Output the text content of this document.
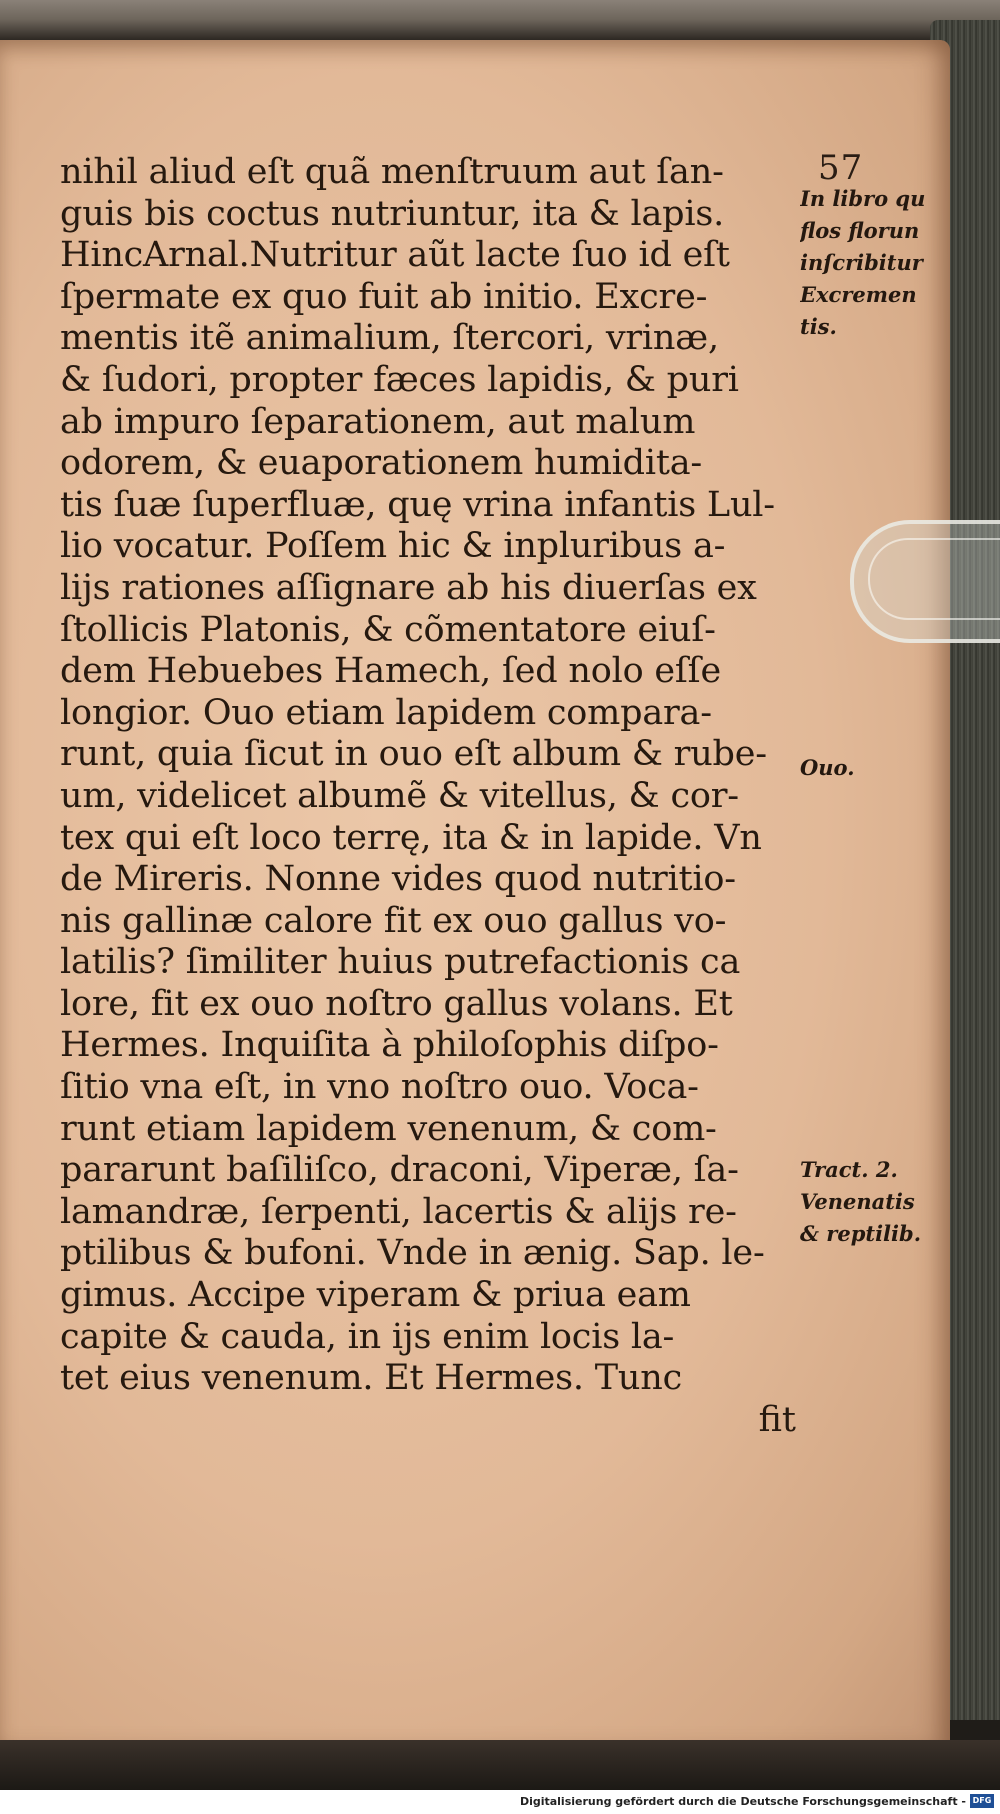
57
nihil aliud eſt quã menſtruum aut ſan-
guis bis coctus nutriuntur, ita & lapis.
HincArnal.Nutritur aũt lacte ſuo id eſt
ſpermate ex quo fuit ab initio. Excre-
mentis itẽ animalium, ſtercori, vrinæ,
& ſudori, propter fæces lapidis, & puri
ab impuro ſeparationem, aut malum
odorem, & euaporationem humidita-
tis ſuæ ſuperfluæ, quę vrina infantis Lul-
lio vocatur. Poſſem hic & inpluribus a-
lijs rationes aſſignare ab his diuerſas ex
ſtollicis Platonis, & cõmentatore eiuſ-
dem Hebuebes Hamech, ſed nolo eſſe
longior. Ouo etiam lapidem compara-
runt, quia ſicut in ouo eſt album & rube-
um, videlicet albumẽ & vitellus, & cor-
tex qui eſt loco terrę, ita & in lapide. Vn
de Mireris. Nonne vides quod nutritio-
nis gallinæ calore fit ex ouo gallus vo-
latilis? ſimiliter huius putrefactionis ca
lore, fit ex ouo noſtro gallus volans. Et
Hermes. Inquiſita à philoſophis diſpo-
ſitio vna eſt, in vno noſtro ouo. Voca-
runt etiam lapidem venenum, & com-
pararunt baſiliſco, draconi, Viperæ, ſa-
lamandræ, ſerpenti, lacertis & alijs re-
ptilibus & bufoni. Vnde in ænig. Sap. le-
gimus. Accipe viperam & priua eam
capite & cauda, in ijs enim locis la-
tet eius venenum. Et Hermes. Tunc
fit
In libro qu
flos florun
inſcribitur
Excremen
tis.
Ouo.
Tract. 2.
Venenatis
& reptilib.
Digitalisierung gefördert durch die Deutsche Forschungsgemeinschaft - DFG
